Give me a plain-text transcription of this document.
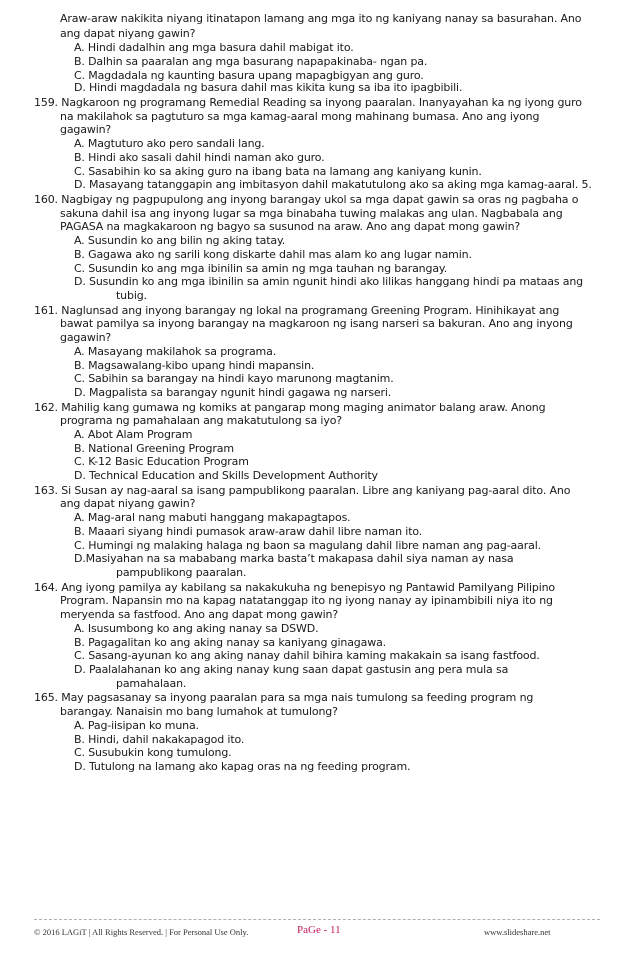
Araw-araw nakikita niyang itinatapon lamang ang mga ito ng kaniyang nanay sa basurahan. Ano
ang dapat niyang gawin?
A. Hindi dadalhin ang mga basura dahil mabigat ito.
B. Dalhin sa paaralan ang mga basurang napapakinaba- ngan pa.
C. Magdadala ng kaunting basura upang mapagbigyan ang guro.
D. Hindi magdadala ng basura dahil mas kikita kung sa iba ito ipagbibili.
159. Nagkaroon ng programang Remedial Reading sa inyong paaralan. Inanyayahan ka ng iyong guro
na makilahok sa pagtuturo sa mga kamag-aaral mong mahinang bumasa. Ano ang iyong
gagawin?
A. Magtuturo ako pero sandali lang.
B. Hindi ako sasali dahil hindi naman ako guro.
C. Sasabihin ko sa aking guro na ibang bata na lamang ang kaniyang kunin.
D. Masayang tatanggapin ang imbitasyon dahil makatutulong ako sa aking mga kamag-aaral. 5.
160. Nagbigay ng pagpupulong ang inyong barangay ukol sa mga dapat gawin sa oras ng pagbaha o
sakuna dahil isa ang inyong lugar sa mga binabaha tuwing malakas ang ulan. Nagbabala ang
PAGASA na magkakaroon ng bagyo sa susunod na araw. Ano ang dapat mong gawin?
A. Susundin ko ang bilin ng aking tatay.
B. Gagawa ako ng sarili kong diskarte dahil mas alam ko ang lugar namin.
C. Susundin ko ang mga ibinilin sa amin ng mga tauhan ng barangay.
D. Susundin ko ang mga ibinilin sa amin ngunit hindi ako lilikas hanggang hindi pa mataas ang
tubig.
161. Naglunsad ang inyong barangay ng lokal na programang Greening Program. Hinihikayat ang
bawat pamilya sa inyong barangay na magkaroon ng isang narseri sa bakuran. Ano ang inyong
gagawin?
A. Masayang makilahok sa programa.
B. Magsawalang-kibo upang hindi mapansin.
C. Sabihin sa barangay na hindi kayo marunong magtanim.
D. Magpalista sa barangay ngunit hindi gagawa ng narseri.
162. Mahilig kang gumawa ng komiks at pangarap mong maging animator balang araw. Anong
programa ng pamahalaan ang makatutulong sa iyo?
A. Abot Alam Program
B. National Greening Program
C. K-12 Basic Education Program
D. Technical Education and Skills Development Authority
163. Si Susan ay nag-aaral sa isang pampublikong paaralan. Libre ang kaniyang pag-aaral dito. Ano
ang dapat niyang gawin?
A. Mag-aral nang mabuti hanggang makapagtapos.
B. Maaari siyang hindi pumasok araw-araw dahil libre naman ito.
C. Humingi ng malaking halaga ng baon sa magulang dahil libre naman ang pag-aaral.
D.Masiyahan na sa mababang marka basta’t makapasa dahil siya naman ay nasa
pampublikong paaralan.
164. Ang iyong pamilya ay kabilang sa nakakukuha ng benepisyo ng Pantawid Pamilyang Pilipino
Program. Napansin mo na kapag natatanggap ito ng iyong nanay ay ipinambibili niya ito ng
meryenda sa fastfood. Ano ang dapat mong gawin?
A. Isusumbong ko ang aking nanay sa DSWD.
B. Pagagalitan ko ang aking nanay sa kaniyang ginagawa.
C. Sasang-ayunan ko ang aking nanay dahil bihira kaming makakain sa isang fastfood.
D. Paalalahanan ko ang aking nanay kung saan dapat gastusin ang pera mula sa
pamahalaan.
165. May pagsasanay sa inyong paaralan para sa mga nais tumulong sa feeding program ng
barangay. Nanaisin mo bang lumahok at tumulong?
A. Pag-iisipan ko muna.
B. Hindi, dahil nakakapagod ito.
C. Susubukin kong tumulong.
D. Tutulong na lamang ako kapag oras na ng feeding program.
© 2016 LAGiT | All Rights Reserved. | For Personal Use Only.	PaGe - 11	www.slideshare.net
